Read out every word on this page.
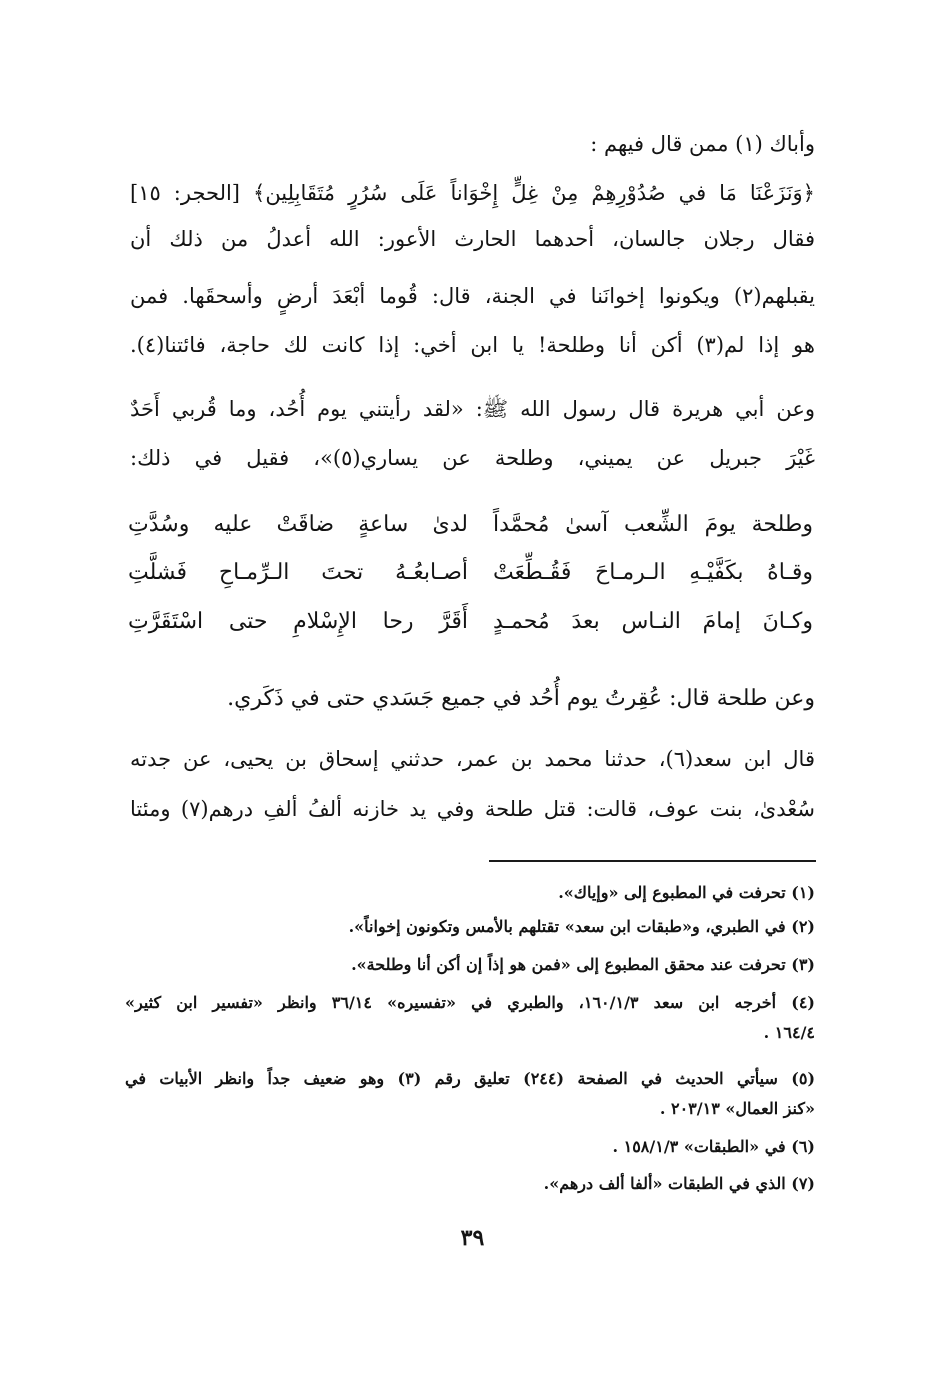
وأباك (١) ممن قال فيهم :
﴿وَنَزَعْنَا مَا في صُدُوْرِهِمْ مِنْ غِلٍّ إِخْوَاناً عَلَى سُرُرٍ مُتَقَابِلِين﴾ [الحجر: ١٥]
فقال رجلان جالسان، أحدهما الحارث الأعور: الله أعدلُ من ذلك أن
يقبلهم(٢) ويكونوا إخوانَنا في الجنة، قال: قُوما أبْعَدَ أرضٍ وأسحقَها. فمن
هو إذا لم(٣) أكن أنا وطلحة! يا ابن أخي: إذا كانت لك حاجة، فائتنا(٤).
وعن أبي هريرة قال رسول الله ﷺ: «لقد رأيتني يوم أُحُد، وما قُربي أَحَدٌ
غَيْرَ جبريل عن يميني، وطلحة عن يساري(٥)»، فقيل في ذلك:
وطلحة يومَ الشِّعب آسىٰ مُحمَّداً
لدىٰ ساعةٍ ضاقَتْ عليه وسُدَّتِ
وقـاهُ بكَفَّيْـهِ الـرمـاحَ فَقُـطِّعَتْ
أصـابعُـهُ تحتَ الـرِّمـاحِ فَشلَّتِ
وكـانَ إمامَ النـاس بعدَ مُحمـدٍ
أَقَرَّ رحا الإِسْلامِ حتى اسْتَقَرَّتِ
وعن طلحة قال: عُقِرتُ يوم أُحُد في جميع جَسَدي حتى في ذَكَري.
قال ابن سعد(٦)، حدثنا محمد بن عمر، حدثني إسحاق بن يحيى، عن جدته
سُعْدىٰ، بنت عوف، قالت: قتل طلحة وفي يد خازنه ألفُ ألفِ درهم(٧) ومئتا
(١) تحرفت في المطبوع إلى «وإياك».
(٢) في الطبري، و«طبقات ابن سعد» تقتلهم بالأمس وتكونون إخواناً».
(٣) تحرفت عند محقق المطبوع إلى «فمن هو إذاً إن أكن أنا وطلحة».
(٤) أخرجه ابن سعد ١٦٠/١/٣، والطبري في «تفسيره» ٣٦/١٤ وانظر «تفسير ابن كثير»
١٦٤/٤ .
(٥) سيأتي الحديث في الصفحة (٢٤٤) تعليق رقم (٣) وهو ضعيف جداً وانظر الأبيات في
«كنز العمال» ٢٠٣/١٣ .
(٦) في «الطبقات» ١٥٨/١/٣ .
(٧) الذي في الطبقات «ألفا ألف درهم».
٣٩
